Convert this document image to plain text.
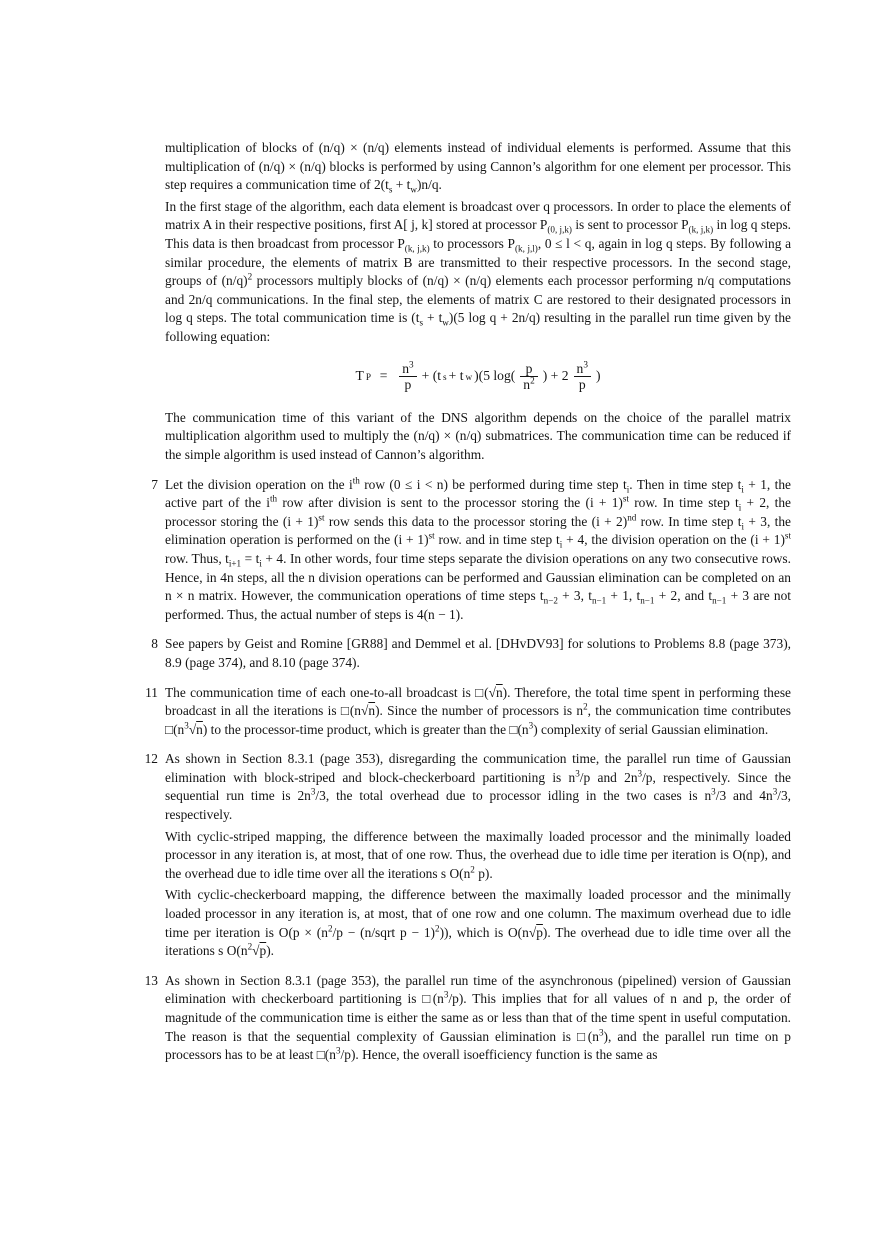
multiplication of blocks of (n/q) × (n/q) elements instead of individual elements is performed. Assume that this multiplication of (n/q) × (n/q) blocks is performed by using Cannon’s algorithm for one element per processor. This step requires a communication time of $2(t_s + t_w)n/q$.

In the first stage of the algorithm, each data element is broadcast over q processors. In order to place the elements of matrix A in their respective positions, first A[ j, k] stored at processor $P_{(0, j,k)}$ is sent to processor $P_{(k, j,k)}$ in log q steps. This data is then broadcast from processor $P_{(k, j,k)}$ to processors $P_{(k, j,l)}$, 0 ≤ l < q, again in log q steps. By following a similar procedure, the elements of matrix B are transmitted to their respective processors. In the second stage, groups of $(n/q)^2$ processors multiply blocks of (n/q) × (n/q) elements each processor performing n/q computations and 2n/q communications. In the final step, the elements of matrix C are restored to their designated processors in log q steps. The total communication time is $(t_s + t_w)(5$ log q + 2n/q) resulting in the parallel run time given by the following equation:

T $P = \frac{n^3}{p} + (t$ s + t w )(5 $\log( \frac{p}{n^2}$ ) + $2 \frac{n^3}{p}$ )

The communication time of this variant of the DNS algorithm depends on the choice of the parallel matrix multiplication algorithm used to multiply the (n/q) × (n/q) submatrices. The communication time can be reduced if the simple algorithm is used instead of Cannon’s algorithm.

7 Let the division operation on the $i^{th}$ row (0 ≤ i < n) be performed during time step $t_i$. Then in time step $t_i + 1$, the active part of the $i^{th}$ row after division is sent to the processor storing the $(i + 1)^{st}$ row. In time step $t_i + 2$, the processor storing the $(i + 1)^{st}$ row sends this data to the processor storing the $(i + 2)^{nd}$ row. In time step $t_i + 3$, the elimination operation is performed on the $(i + 1)^{st}$ row. and in time step $t_i + 4$, the division operation on the $(i + 1)^{st}$ row. Thus, $t_{i+1} = t_i + 4$. In other words, four time steps separate the division operations on any two consecutive rows. Hence, in 4n steps, all the n division operations can be performed and Gaussian elimination can be completed on an n × n matrix. However, the communication operations of time steps $t_{n-2} + 3$, $t_{n-1} + 1$, $t_{n-1} + 2$, and $t_{n-1} + 3$ are not performed. Thus, the actual number of steps is 4(n − 1).

8 See papers by Geist and Romine [GR88] and Demmel et al. [DHvDV93] for solutions to Problems 8.8 (page 373), 8.9 (page 374), and 8.10 (page 374).

11 The communication time of each one-to-all broadcast is □(√n). Therefore, the total time spent in performing these broadcast in all the iterations is □(n√n). Since the number of processors is $n^2$, the communication time contributes $□(n^3√n)$ to the processor-time product, which is greater than the $□(n^3)$ complexity of serial Gaussian elimination.

12 As shown in Section 8.3.1 (page 353), disregarding the communication time, the parallel run time of Gaussian elimination with block-striped and block-checkerboard partitioning is $n^3/p$ and $2n^3/p$, respectively. Since the sequential run time is $2n^3/3$, the total overhead due to processor idling in the two cases is $n^3/3$ and $4n^3/3$, respectively.

With cyclic-striped mapping, the difference between the maximally loaded processor and the minimally loaded processor in any iteration is, at most, that of one row. Thus, the overhead due to idle time per iteration is O(np), and the overhead due to idle time over all the iterations s $O(n^2$ p).

With cyclic-checkerboard mapping, the difference between the maximally loaded processor and the minimally loaded processor in any iteration is, at most, that of one row and one column. The maximum overhead due to idle time per iteration is $O(p \times (n^2/p$ − (n/sqrt p − 1)$^2$)), which is O(n√p). The overhead due to idle time over all the iterations s $O(n^2√p)$.

13 As shown in Section 8.3.1 (page 353), the parallel run time of the asynchronous (pipelined) version of Gaussian elimination with checkerboard partitioning is $□(n^3/p)$. This implies that for all values of n and p, the order of magnitude of the communication time is either the same as or less than that of the time spent in useful computation. The reason is that the sequential complexity of Gaussian elimination is $□(n^3)$, and the parallel run time on p processors has to be at least $□(n^3/p)$. Hence, the overall isoefficiency function is the same as
